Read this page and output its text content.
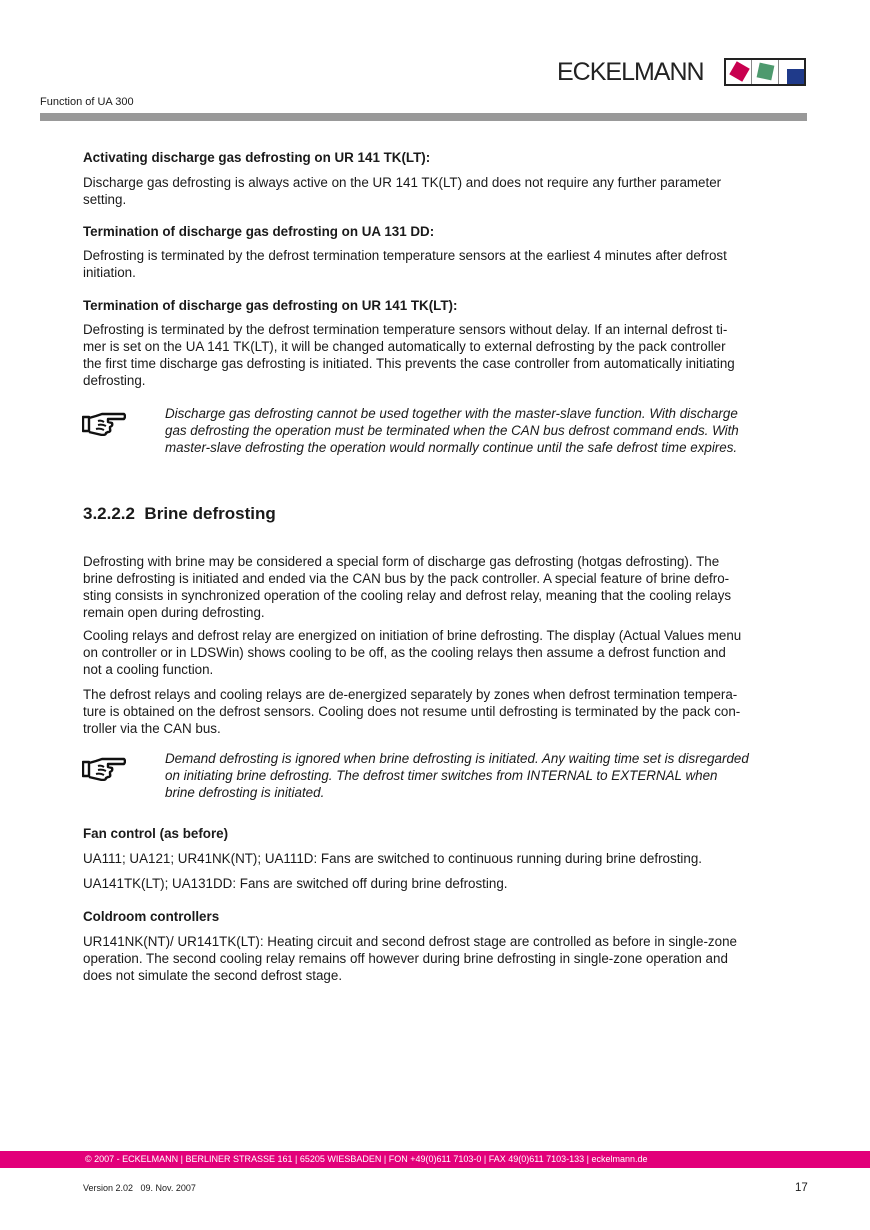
ECKELMANN
Function of UA 300
Activating discharge gas defrosting on UR 141 TK(LT):
Discharge gas defrosting is always active on the UR 141 TK(LT) and does not require any further parameter
setting.
Termination of discharge gas defrosting on UA 131 DD:
Defrosting is terminated by the defrost termination temperature sensors at the earliest 4 minutes after defrost
initiation.
Termination of discharge gas defrosting on UR 141 TK(LT):
Defrosting is terminated by the defrost termination temperature sensors without delay. If an internal defrost ti-
mer is set on the UA 141 TK(LT), it will be changed automatically to external defrosting by the pack controller
the first time discharge gas defrosting is initiated. This prevents the case controller from automatically initiating
defrosting.
Discharge gas defrosting cannot be used together with the master-slave function. With discharge
gas defrosting the operation must be terminated when the CAN bus defrost command ends. With
master-slave defrosting the operation would normally continue until the safe defrost time expires.
3.2.2.2  Brine defrosting
Defrosting with brine may be considered a special form of discharge gas defrosting (hotgas defrosting). The
brine defrosting is initiated and ended via the CAN bus by the pack controller. A special feature of brine defro-
sting consists in synchronized operation of the cooling relay and defrost relay, meaning that the cooling relays
remain open during defrosting.
Cooling relays and defrost relay are energized on initiation of brine defrosting. The display (Actual Values menu
on controller or in LDSWin) shows cooling to be off, as the cooling relays then assume a defrost function and
not a cooling function.
The defrost relays and cooling relays are de-energized separately by zones when defrost termination tempera-
ture is obtained on the defrost sensors. Cooling does not resume until defrosting is terminated by the pack con-
troller via the CAN bus.
Demand defrosting is ignored when brine defrosting is initiated. Any waiting time set is disregarded
on initiating brine defrosting. The defrost timer switches from INTERNAL to EXTERNAL when
brine defrosting is initiated.
Fan control (as before)
UA111; UA121; UR41NK(NT); UA111D: Fans are switched to continuous running during brine defrosting.
UA141TK(LT); UA131DD: Fans are switched off during brine defrosting.
Coldroom controllers
UR141NK(NT)/ UR141TK(LT): Heating circuit and second defrost stage are controlled as before in single-zone
operation. The second cooling relay remains off however during brine defrosting in single-zone operation and
does not simulate the second defrost stage.
© 2007 - ECKELMANN | BERLINER STRASSE 161 | 65205 WIESBADEN | FON +49(0)611 7103-0 | FAX 49(0)611 7103-133 | eckelmann.de
Version 2.02   09. Nov. 2007	17
